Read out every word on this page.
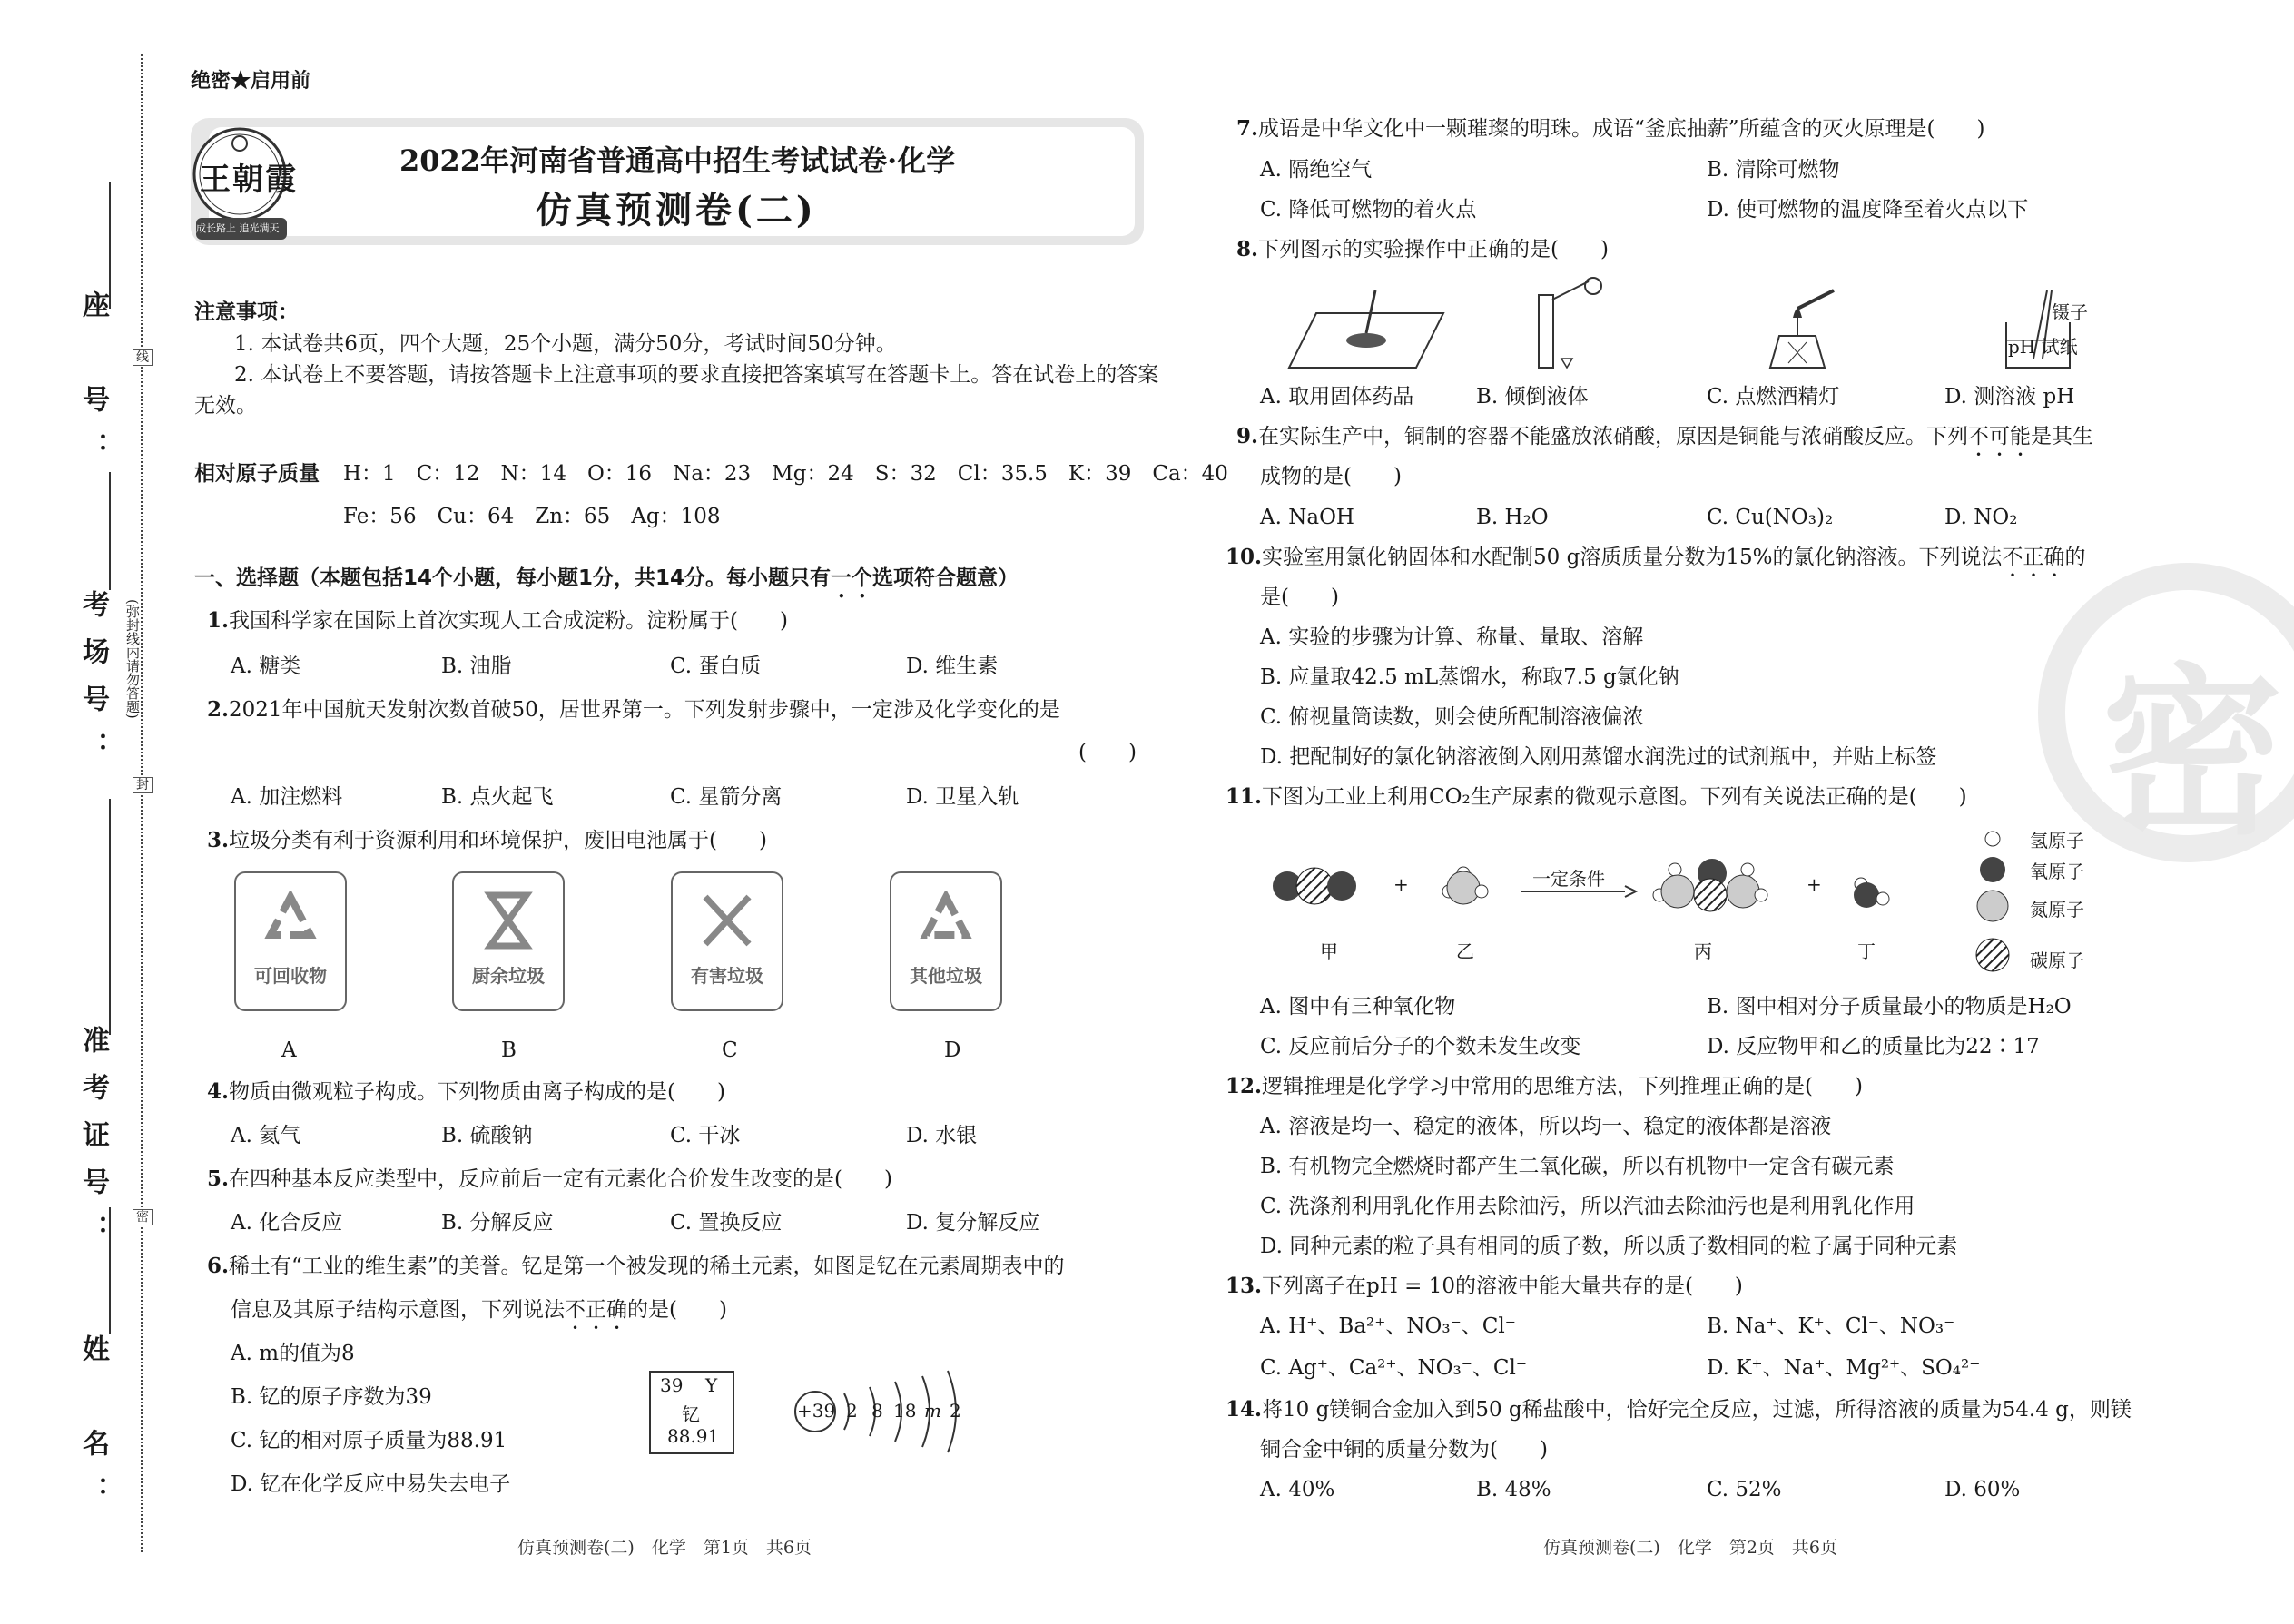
座　号：
考场号：
准考证号：
姓　名：
线
(弥封线内请勿答题)
封
密
绝密★启用前
王朝霞
成长路上 追光满天
2022年河南省普通高中招生考试试卷·化学
仿真预测卷(二)
注意事项：
1. 本试卷共6页，四个大题，25个小题，满分50分，考试时间50分钟。
2. 本试卷上不要答题，请按答题卡上注意事项的要求直接把答案填写在答题卡上。答在试卷上的答案
无效。
相对原子质量 H：1　C：12　N：14　O：16　Na：23　Mg：24　S：32　Cl：35.5　K：39　Ca：40
Fe：56　Cu：64　Zn：65　Ag：108
一、选择题（本题包括14个小题，每小题1分，共14分。每小题只有一个选项符合题意）
1.我国科学家在国际上首次实现人工合成淀粉。淀粉属于(　　)
A. 糖类	B. 油脂	C. 蛋白质	D. 维生素
2.2021年中国航天发射次数首破50，居世界第一。下列发射步骤中，一定涉及化学变化的是
(　　)
A. 加注燃料	B. 点火起飞	C. 星箭分离	D. 卫星入轨
3.垃圾分类有利于资源利用和环境保护，废旧电池属于(　　)
可回收物	厨余垃圾	有害垃圾	其他垃圾
A	B	C	D
4.物质由微观粒子构成。下列物质由离子构成的是(　　)
A. 氦气	B. 硫酸钠	C. 干冰	D. 水银
5.在四种基本反应类型中，反应前后一定有元素化合价发生改变的是(　　)
A. 化合反应	B. 分解反应	C. 置换反应	D. 复分解反应
6.稀土有“工业的维生素”的美誉。钇是第一个被发现的稀土元素，如图是钇在元素周期表中的
信息及其原子结构示意图，下列说法不正确的是(　　)
A. m的值为8
B. 钇的原子序数为39
C. 钇的相对原子质量为88.91
D. 钇在化学反应中易失去电子
39 Y
钇
88.91
+39 2 8 18 m 2
仿真预测卷(二)　化学　第1页　共6页
密
7.成语是中华文化中一颗璀璨的明珠。成语“釜底抽薪”所蕴含的灭火原理是(　　)
A. 隔绝空气	B. 清除可燃物
C. 降低可燃物的着火点	D. 使可燃物的温度降至着火点以下
8.下列图示的实验操作中正确的是(　　)
镊子
pH 试纸
A. 取用固体药品	B. 倾倒液体	C. 点燃酒精灯	D. 测溶液 pH
9.在实际生产中，铜制的容器不能盛放浓硝酸，原因是铜能与浓硝酸反应。下列不可能是其生
成物的是(　　)
A. NaOH	B. H₂O	C. Cu(NO₃)₂	D. NO₂
10.实验室用氯化钠固体和水配制50 g溶质质量分数为15%的氯化钠溶液。下列说法不正确的
是(　　)
A. 实验的步骤为计算、称量、量取、溶解
B. 应量取42.5 mL蒸馏水，称取7.5 g氯化钠
C. 俯视量筒读数，则会使所配制溶液偏浓
D. 把配制好的氯化钠溶液倒入刚用蒸馏水润洗过的试剂瓶中，并贴上标签
11.下图为工业上利用CO₂生产尿素的微观示意图。下列有关说法正确的是(　　)
+	+
一定条件
甲	乙	丙	丁
氢原子
氧原子
氮原子
碳原子
A. 图中有三种氧化物	B. 图中相对分子质量最小的物质是H₂O
C. 反应前后分子的个数未发生改变	D. 反应物甲和乙的质量比为22∶17
12.逻辑推理是化学学习中常用的思维方法，下列推理正确的是(　　)
A. 溶液是均一、稳定的液体，所以均一、稳定的液体都是溶液
B. 有机物完全燃烧时都产生二氧化碳，所以有机物中一定含有碳元素
C. 洗涤剂利用乳化作用去除油污，所以汽油去除油污也是利用乳化作用
D. 同种元素的粒子具有相同的质子数，所以质子数相同的粒子属于同种元素
13.下列离子在pH = 10的溶液中能大量共存的是(　　)
A. H⁺、Ba²⁺、NO₃⁻、Cl⁻	B. Na⁺、K⁺、Cl⁻、NO₃⁻
C. Ag⁺、Ca²⁺、NO₃⁻、Cl⁻	D. K⁺、Na⁺、Mg²⁺、SO₄²⁻
14.将10 g镁铜合金加入到50 g稀盐酸中，恰好完全反应，过滤，所得溶液的质量为54.4 g，则镁
铜合金中铜的质量分数为(　　)
A. 40%	B. 48%	C. 52%	D. 60%
仿真预测卷(二)　化学　第2页　共6页
